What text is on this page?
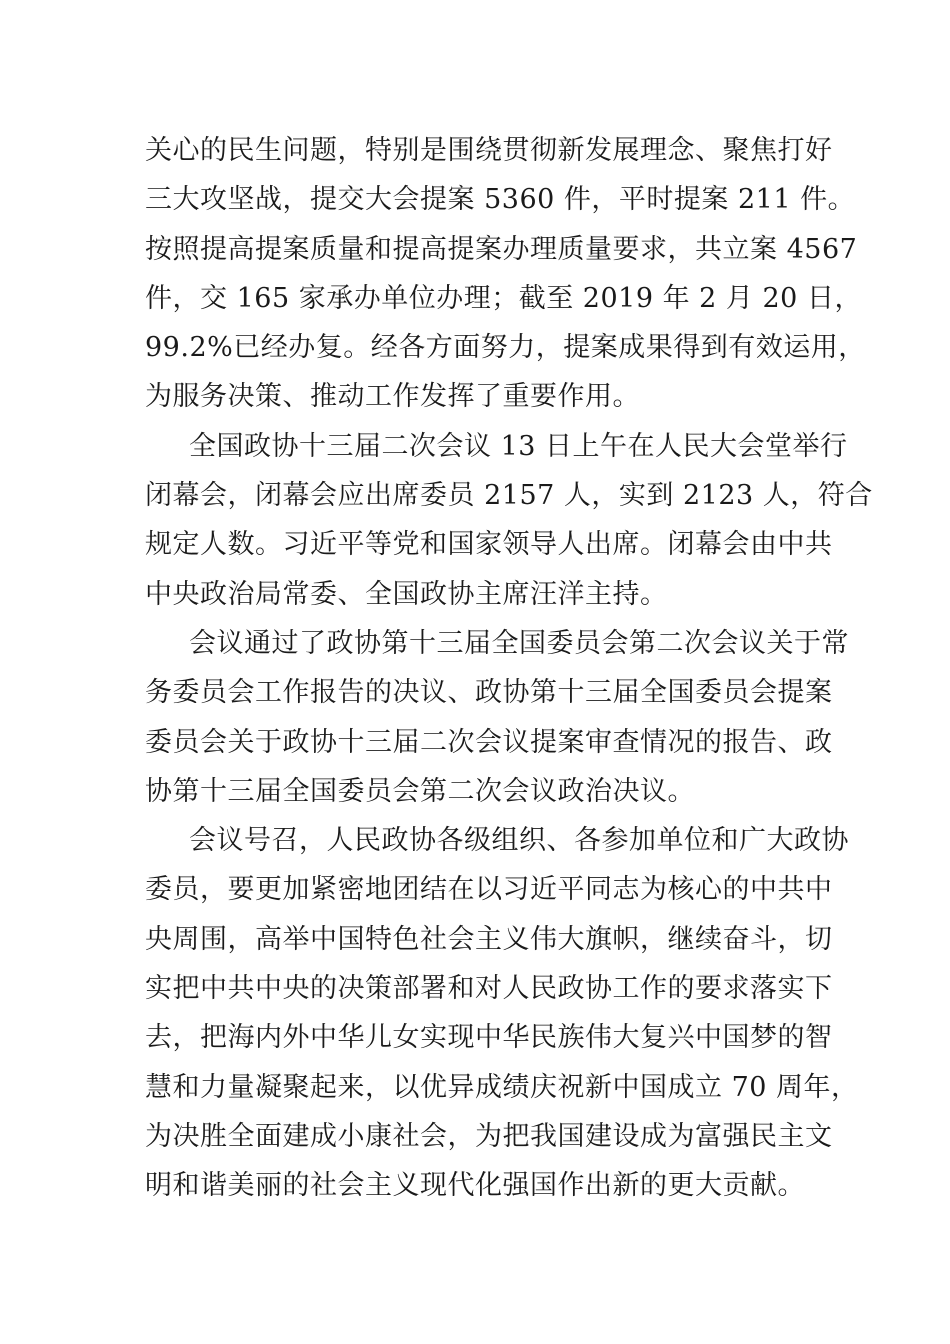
关心的民生问题，特别是围绕贯彻新发展理念、聚焦打好
三大攻坚战，提交大会提案 5360 件，平时提案 211 件。
按照提高提案质量和提高提案办理质量要求，共立案 4567
件，交 165 家承办单位办理；截至 2019 年 2 月 20 日，
99.2%已经办复。经各方面努力，提案成果得到有效运用，
为服务决策、推动工作发挥了重要作用。
全国政协十三届二次会议 13 日上午在人民大会堂举行
闭幕会，闭幕会应出席委员 2157 人，实到 2123 人，符合
规定人数。习近平等党和国家领导人出席。闭幕会由中共
中央政治局常委、全国政协主席汪洋主持。
会议通过了政协第十三届全国委员会第二次会议关于常
务委员会工作报告的决议、政协第十三届全国委员会提案
委员会关于政协十三届二次会议提案审查情况的报告、政
协第十三届全国委员会第二次会议政治决议。
会议号召，人民政协各级组织、各参加单位和广大政协
委员，要更加紧密地团结在以习近平同志为核心的中共中
央周围，高举中国特色社会主义伟大旗帜，继续奋斗，切
实把中共中央的决策部署和对人民政协工作的要求落实下
去，把海内外中华儿女实现中华民族伟大复兴中国梦的智
慧和力量凝聚起来，以优异成绩庆祝新中国成立 70 周年，
为决胜全面建成小康社会，为把我国建设成为富强民主文
明和谐美丽的社会主义现代化强国作出新的更大贡献。
